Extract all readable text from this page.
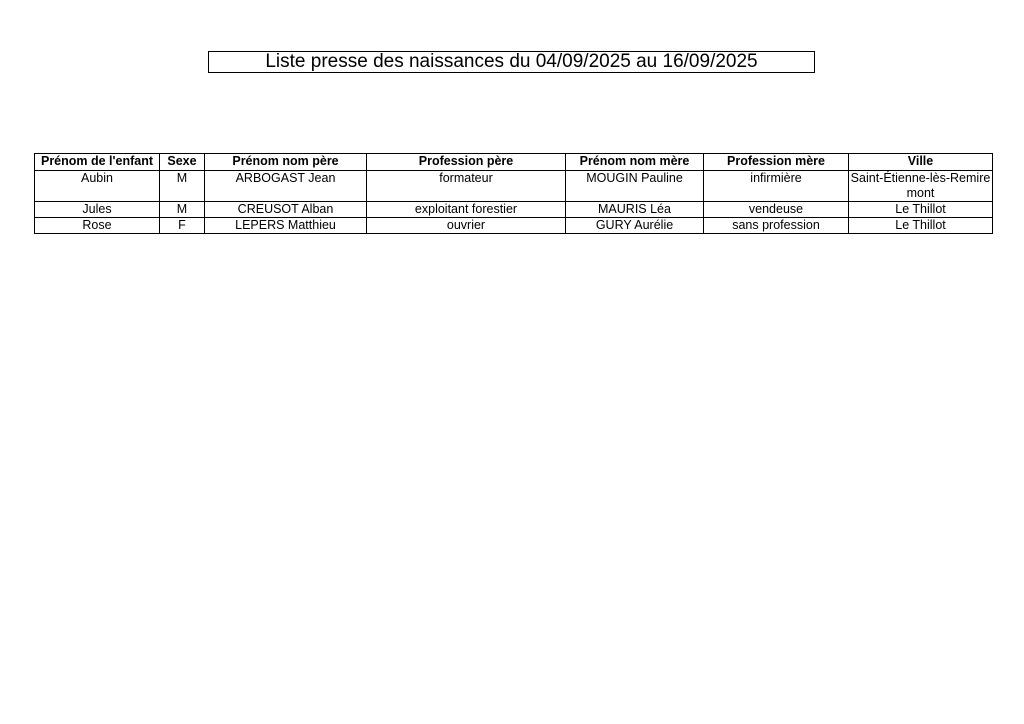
Liste presse des naissances du 04/09/2025 au 16/09/2025
Prénom de l'enfant	Sexe	Prénom nom père	Profession père	Prénom nom mère	Profession mère	Ville
Aubin	M	ARBOGAST Jean	formateur	MOUGIN Pauline	infirmière	Saint-Étienne-lès-Remiremont
Jules	M	CREUSOT Alban	exploitant forestier	MAURIS Léa	vendeuse	Le Thillot
Rose	F	LEPERS Matthieu	ouvrier	GURY Aurélie	sans profession	Le Thillot
